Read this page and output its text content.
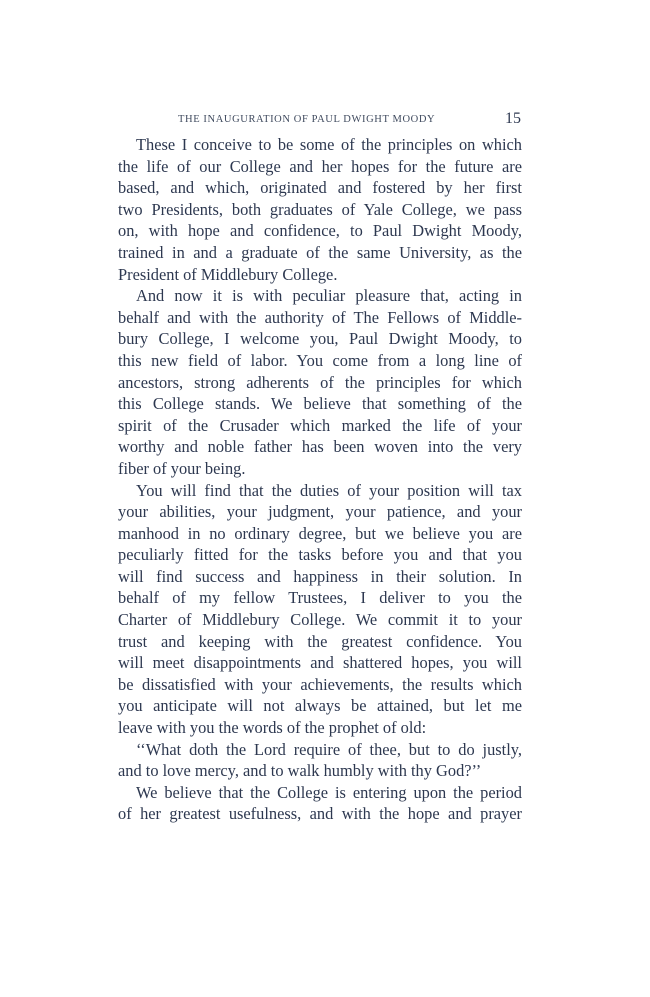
THE INAUGURATION OF PAUL DWIGHT MOODY	15
These I conceive to be some of the principles on which
the life of our College and her hopes for the future are
based, and which, originated and fostered by her first
two Presidents, both graduates of Yale College, we pass
on, with hope and confidence, to Paul Dwight Moody,
trained in and a graduate of the same University, as the
President of Middlebury College.
And now it is with peculiar pleasure that, acting in
behalf and with the authority of The Fellows of Middle-
bury College, I welcome you, Paul Dwight Moody, to
this new field of labor. You come from a long line of
ancestors, strong adherents of the principles for which
this College stands. We believe that something of the
spirit of the Crusader which marked the life of your
worthy and noble father has been woven into the very
fiber of your being.
You will find that the duties of your position will tax
your abilities, your judgment, your patience, and your
manhood in no ordinary degree, but we believe you are
peculiarly fitted for the tasks before you and that you
will find success and happiness in their solution. In
behalf of my fellow Trustees, I deliver to you the
Charter of Middlebury College. We commit it to your
trust and keeping with the greatest confidence. You
will meet disappointments and shattered hopes, you will
be dissatisfied with your achievements, the results which
you anticipate will not always be attained, but let me
leave with you the words of the prophet of old:
‘‘What doth the Lord require of thee, but to do justly,
and to love mercy, and to walk humbly with thy God?’’
We believe that the College is entering upon the period
of her greatest usefulness, and with the hope and prayer
